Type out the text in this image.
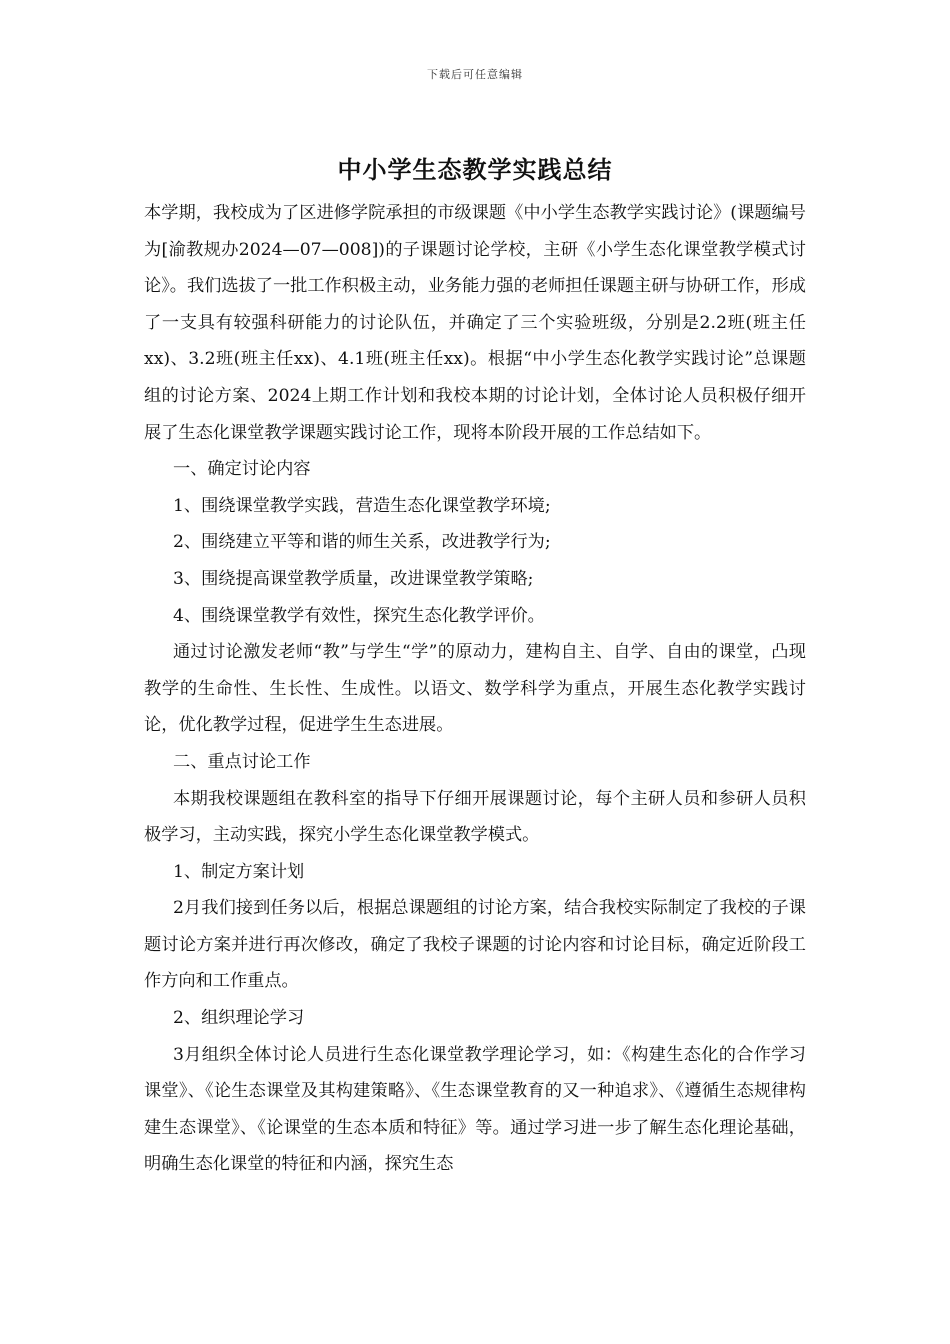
下载后可任意编辑
中小学生态教学实践总结

本学期，我校成为了区进修学院承担的市级课题《中小学生态教学实践讨论》(课题编号为[渝教规办2024—07—008])的子课题讨论学校，主研《小学生态化课堂教学模式讨论》。我们选拔了一批工作积极主动，业务能力强的老师担任课题主研与协研工作，形成了一支具有较强科研能力的讨论队伍，并确定了三个实验班级，分别是2.2班(班主任xx)、3.2班(班主任xx)、4.1班(班主任xx)。根据“中小学生态化教学实践讨论”总课题组的讨论方案、2024上期工作计划和我校本期的讨论计划，全体讨论人员积极仔细开展了生态化课堂教学课题实践讨论工作，现将本阶段开展的工作总结如下。

一、确定讨论内容

1、围绕课堂教学实践，营造生态化课堂教学环境;

2、围绕建立平等和谐的师生关系，改进教学行为;

3、围绕提高课堂教学质量，改进课堂教学策略;

4、围绕课堂教学有效性，探究生态化教学评价。

通过讨论激发老师“教”与学生“学”的原动力，建构自主、自学、自由的课堂，凸现教学的生命性、生长性、生成性。以语文、数学科学为重点，开展生态化教学实践讨论，优化教学过程，促进学生生态进展。

二、重点讨论工作

本期我校课题组在教科室的指导下仔细开展课题讨论，每个主研人员和参研人员积极学习，主动实践，探究小学生态化课堂教学模式。

1、制定方案计划

2月我们接到任务以后，根据总课题组的讨论方案，结合我校实际制定了我校的子课题讨论方案并进行再次修改，确定了我校子课题的讨论内容和讨论目标，确定近阶段工作方向和工作重点。

2、组织理论学习

3月组织全体讨论人员进行生态化课堂教学理论学习，如：《构建生态化的合作学习课堂》、《论生态课堂及其构建策略》、《生态课堂教育的又一种追求》、《遵循生态规律构建生态课堂》、《论课堂的生态本质和特征》等。通过学习进一步了解生态化理论基础，明确生态化课堂的特征和内涵，探究生态
